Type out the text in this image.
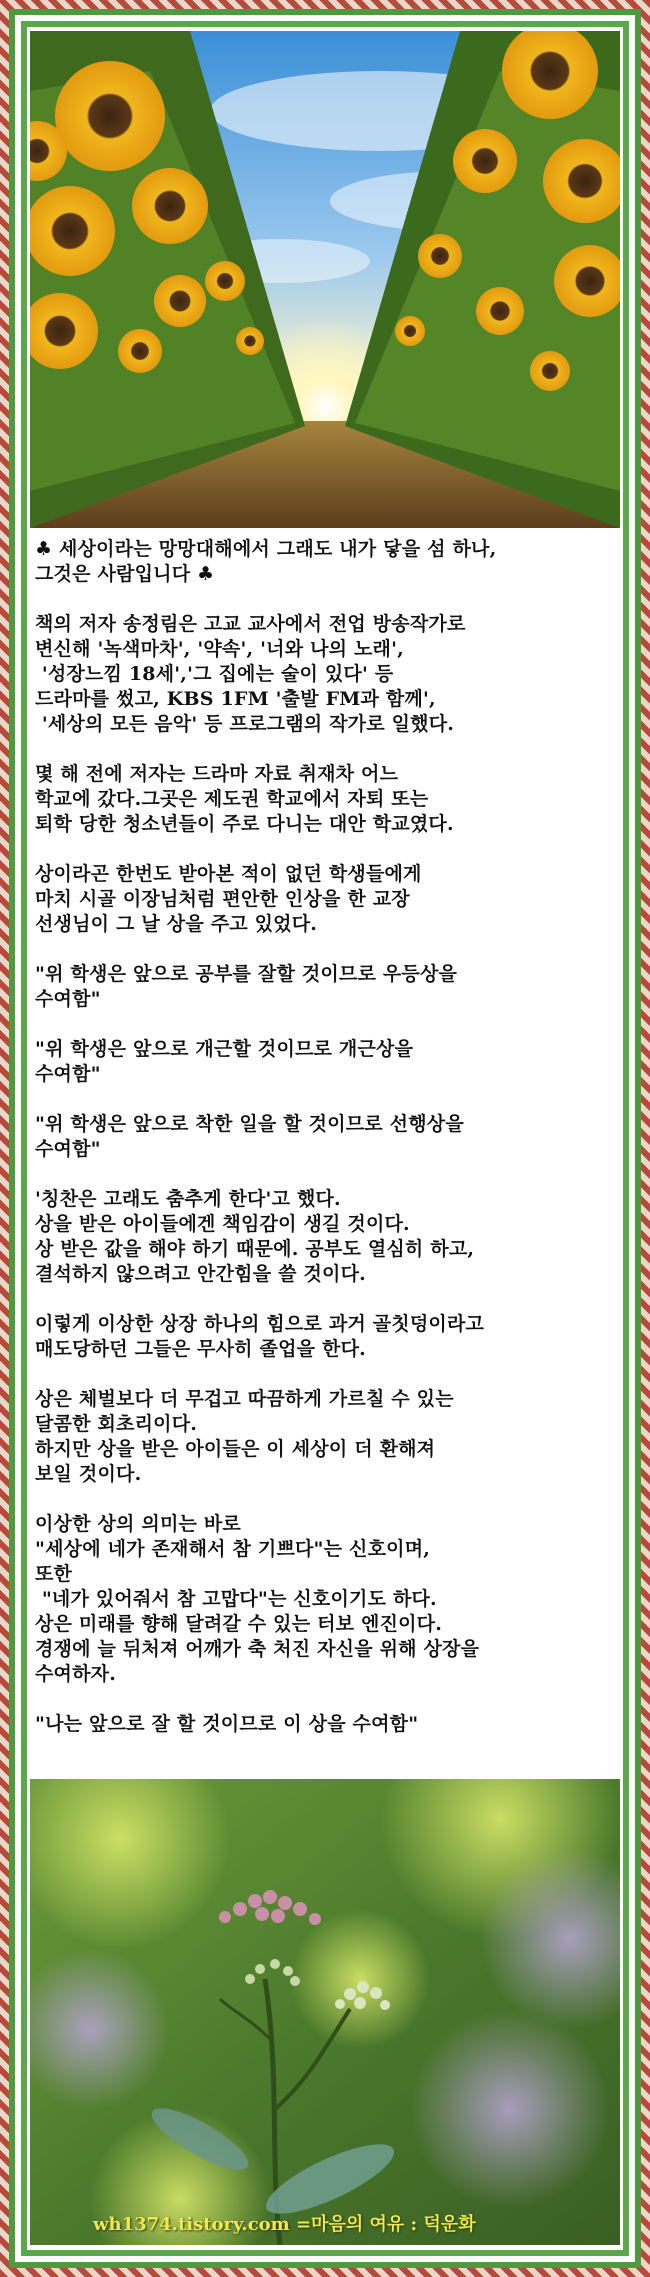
♣ 세상이라는 망망대해에서 그래도 내가 닿을 섬 하나,
그것은 사람입니다 ♣

책의 저자 송정림은 고교 교사에서 전업 방송작가로
변신해 '녹색마차', '약속', '너와 나의 노래',
'성장느낌 18세','그 집에는 술이 있다' 등
드라마를 썼고, KBS 1FM '출발 FM과 함께',
'세상의 모든 음악' 등 프로그램의 작가로 일했다.

몇 해 전에 저자는 드라마 자료 취재차 어느
학교에 갔다.그곳은 제도권 학교에서 자퇴 또는
퇴학 당한 청소년들이 주로 다니는 대안 학교였다.

상이라곤 한번도 받아본 적이 없던 학생들에게
마치 시골 이장님처럼 편안한 인상을 한 교장
선생님이 그 날 상을 주고 있었다.

"위 학생은 앞으로 공부를 잘할 것이므로 우등상을
수여함"

"위 학생은 앞으로 개근할 것이므로 개근상을
수여함"

"위 학생은 앞으로 착한 일을 할 것이므로 선행상을
수여함"

'칭찬은 고래도 춤추게 한다'고 했다.
상을 받은 아이들에겐 책임감이 생길 것이다.
상 받은 값을 해야 하기 때문에. 공부도 열심히 하고,
결석하지 않으려고 안간힘을 쓸 것이다.

이렇게 이상한 상장 하나의 힘으로 과거 골칫덩이라고
매도당하던 그들은 무사히 졸업을 한다.

상은 체벌보다 더 무겁고 따끔하게 가르칠 수 있는
달콤한 회초리이다.
하지만 상을 받은 아이들은 이 세상이 더 환해져
보일 것이다.

이상한 상의 의미는 바로
"세상에 네가 존재해서 참 기쁘다"는 신호이며,
또한
"네가 있어줘서 참 고맙다"는 신호이기도 하다.
상은 미래를 향해 달려갈 수 있는 터보 엔진이다.
경쟁에 늘 뒤처져 어깨가 축 처진 자신을 위해 상장을
수여하자.

"나는 앞으로 잘 할 것이므로 이 상을 수여함"

wh1374.tistory.com =마음의 여유 : 덕운화
